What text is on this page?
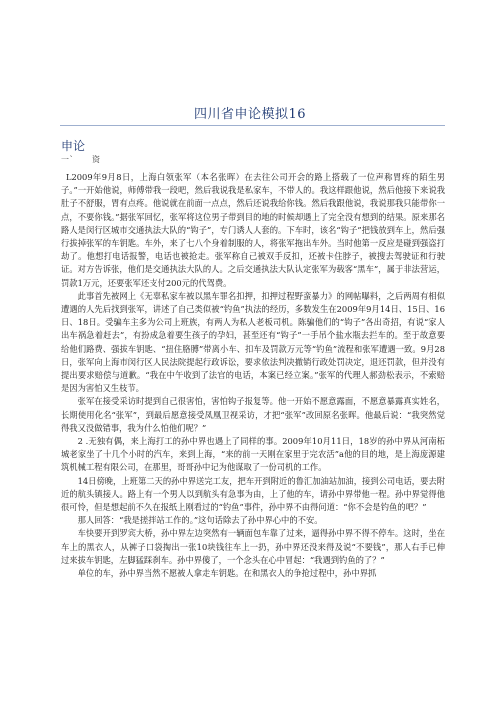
四川省申论模拟16
申论
一` 资

L2009年9月8日，上海白领张军（本名张晖）在去往公司开会的路上搭载了一位声称胃疼的陌生男子。”一开始他说，师傅带我一段吧，然后我说我是私家车，不带人的。我这样跟他说，然后他接下来说我肚子不舒服，胃有点疼。他说就在前面一点点，然后还说我给你钱。然后我跟他说，我说那我只能带你一点，不要你钱。”据张军回忆，张军将这位男子带到目的地的时候却遇上了完全没有想到的结果。原来那名路人是闵行区城市交通执法大队的“钩子”，专门诱人人套的。下车时，该名“钩子”把钱放到车上，然后强行拔掉张军的车钥匙。车外，来了七八个身着制服的人，将张军拖出车外。当时他第一反应是碰到强盗打劫了。他想打电话报警，电话也被抢走。张军称自己被双手反扣，还被卡住脖子，被搜去驾驶证和行驶证。对方告诉张，他们是交通执法大队的人。之后交通执法大队认定张军为载客“黑车”，属于非法营运，罚款1万元，还要张军还支付200元的代驾费。

此事首先被网上《无辜私家车被以黑车罪名扣押，扣押过程野蛮暴力》的网帖曝料，之后两周有相似遭遇的人先后找到张军，讲述了自己类似被“钓鱼”执法的经历，多数发生在2009年9月14日、15日、16日、18日。受骗车主多为公司上班族，有两人为私人老板司机。陈骗他们的“钩子”各出奇招，有说“家人出车祸急着赶去”，有扮成急着要生孩子的孕妇，甚至还有“钩子”一手吊个盐水瓶去拦车的。至于故意要给他们路费、强拔车钥匙、“扭住胳膊”带离小车、扣车及罚款万元等“钓鱼”流程和张军遭遇一致。9月28日，张军向上海市闵行区人民法院提起行政诉讼，要求依法判决撤销行政处罚决定，退还罚款，但并没有提出要求赔偿与道歉。“我在中午收到了法官的电话，本案已经立案。”张军的代理人郝劲松表示，不索赔是因为害怕又生枝节。

张军在接受采访时提到自己很害怕，害怕钩子报复等。他一开始不愿意露面，不愿意暴露真实姓名，长期使用化名“张军”，到最后愿意接受凤凰卫视采访，才把“张军”改回原名张晖。他最后说：“我突然觉得我又没做错事，我为什么怕他们呢？”

2 .无独有偶，来上海打工的孙中界也遇上了同样的事。2009年10月11日，18岁的孙中界从河南柘城老家坐了十几个小时的汽车，来到上海，“来的前一天刚在家里于完农活”a他的目的地，是上海庞源建筑机械工程有限公司，在那里，哥哥孙中记为他谋取了一份司机的工作。

14日傍晚，上班第二天的孙中界送完工友，把车开到附近的鲁汇加油站加油，接到公司电话，要去附近的航头镇接人。路上有一个男人以到航头有急事为由，上了他的车，请孙中界带他一程。孙中界觉得他很可怜，但是想起前不久在报纸上刚看过的“钓鱼”事件，孙中界不由得问道：“你不会是钓鱼的吧？”

那人回答：“我是搓拌站工作的。”这句话除去了孙中界心中的不安。

车快要开到罗宾大桥，孙中界左边突然有一辆面包车靠了过来，逼得孙中界不得不停车。这时，坐在车上的黑衣人，从裤子口袋掏出一张10块钱往车上一扔，孙中界还没来得及说“不要钱”，那人右手已伸过来拔车钥匙，左脚猛踩刹车。孙中界傻了，一个念头在心中冒起：“我遇到钓鱼的了？”

单位的车，孙中界当然不愿被人拿走车钥匙。在和黑衣人的争抢过程中，孙中界抓
